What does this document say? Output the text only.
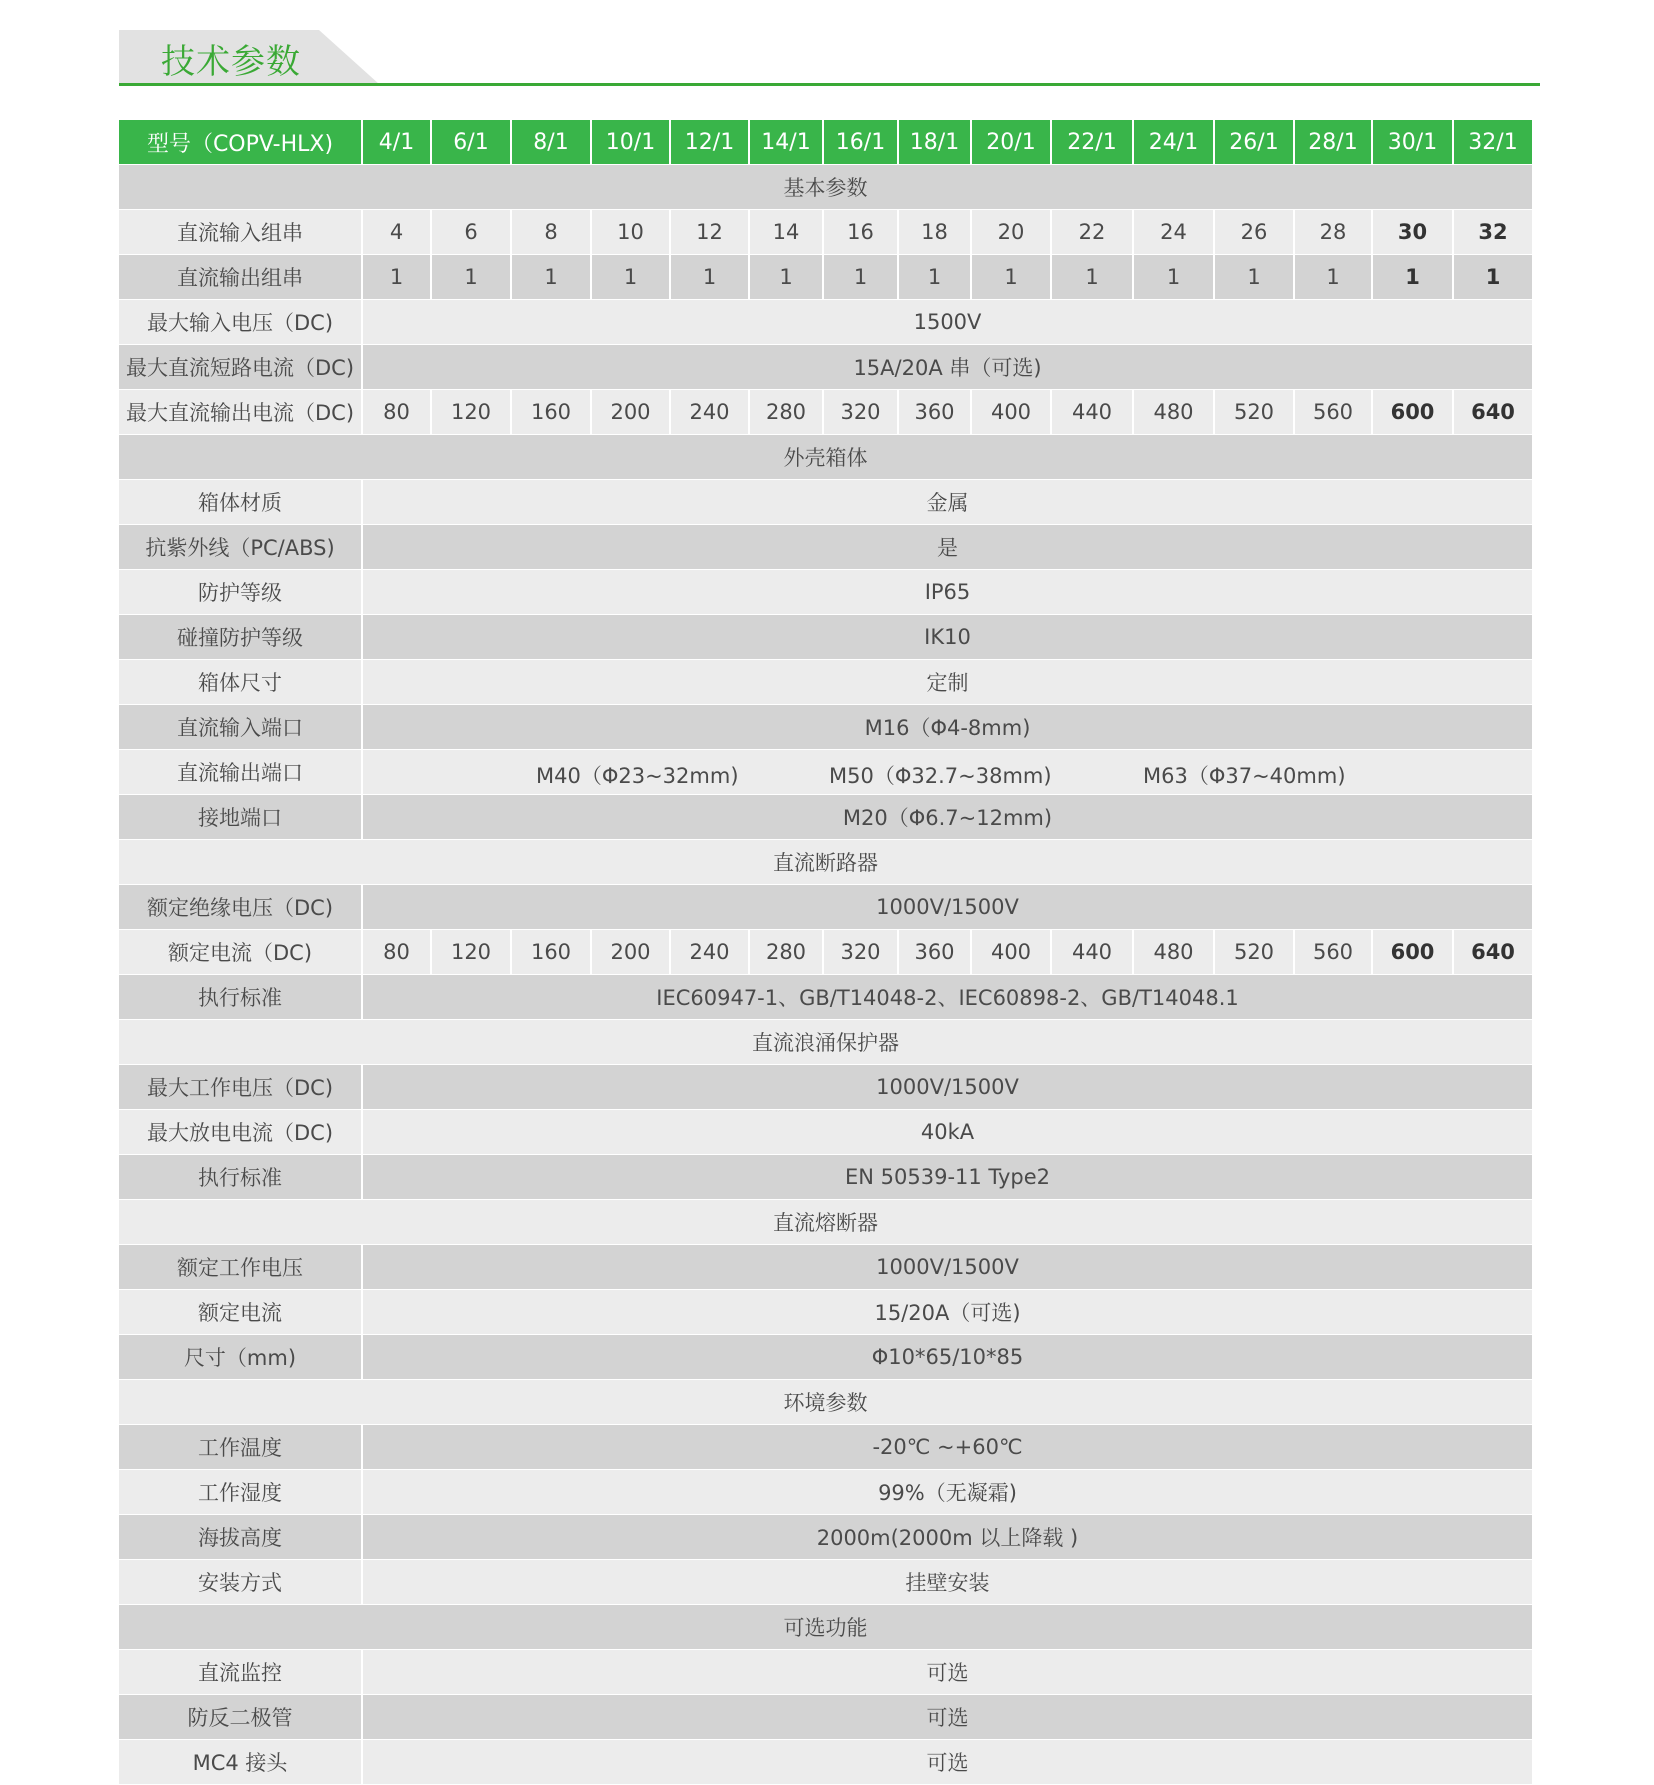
技术参数
型号（COPV-HLX)	4/1	6/1	8/1	10/1	12/1	14/1	16/1	18/1	20/1	22/1	24/1	26/1	28/1	30/1	32/1
基本参数
直流输入组串	4	6	8	10	12	14	16	18	20	22	24	26	28	30	32
直流输出组串	1	1	1	1	1	1	1	1	1	1	1	1	1	1	1
最大输入电压（DC)	1500V
最大直流短路电流（DC)	15A/20A 串（可选)
最大直流输出电流（DC)	80	120	160	200	240	280	320	360	400	440	480	520	560	600	640
外壳箱体
箱体材质	金属
抗紫外线（PC/ABS)	是
防护等级	IP65
碰撞防护等级	IK10
箱体尺寸	定制
直流输入端口	M16（Φ4-8mm)
直流输出端口	M40（Φ23~32mm)	M50（Φ32.7~38mm)	M63（Φ37~40mm)
接地端口	M20（Φ6.7~12mm)
直流断路器
额定绝缘电压（DC)	1000V/1500V
额定电流（DC)	80	120	160	200	240	280	320	360	400	440	480	520	560	600	640
执行标准	IEC60947-1、GB/T14048-2、IEC60898-2、GB/T14048.1
直流浪涌保护器
最大工作电压（DC)	1000V/1500V
最大放电电流（DC)	40kA
执行标准	EN 50539-11 Type2
直流熔断器
额定工作电压	1000V/1500V
额定电流	15/20A（可选)
尺寸（mm)	Φ10*65/10*85
环境参数
工作温度	-20℃ ~+60℃
工作湿度	99%（无凝霜)
海拔高度	2000m(2000m 以上降载 )
安装方式	挂壁安装
可选功能
直流监控	可选
防反二极管	可选
MC4 接头	可选
